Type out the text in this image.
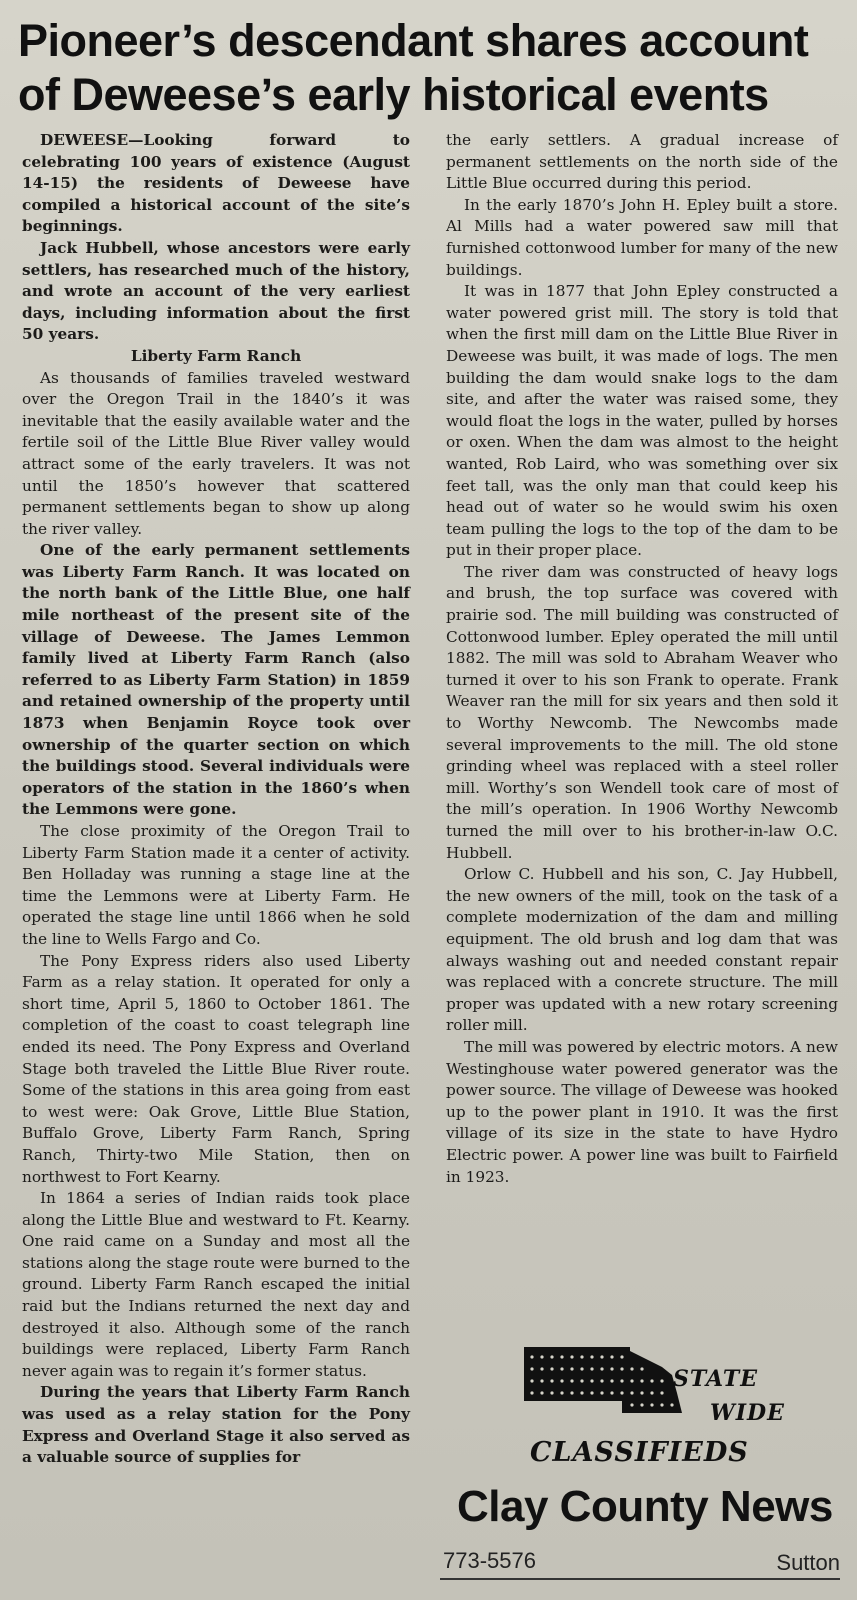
Pioneer’s descendant shares account
of Deweese’s early historical events

DEWEESE—Looking forward to celebrating 100 years of existence (August 14-15) the residents of Deweese have compiled a historical account of the site’s beginnings.

Jack Hubbell, whose ancestors were early settlers, has researched much of the history, and wrote an account of the very earliest days, including information about the first 50 years.

Liberty Farm Ranch

As thousands of families traveled westward over the Oregon Trail in the 1840’s it was inevitable that the easily available water and the fertile soil of the Little Blue River valley would attract some of the early travelers. It was not until the 1850’s however that scattered permanent settlements began to show up along the river valley.

One of the early permanent settlements was Liberty Farm Ranch. It was located on the north bank of the Little Blue, one half mile northeast of the present site of the village of Deweese. The James Lemmon family lived at Liberty Farm Ranch (also referred to as Liberty Farm Station) in 1859 and retained ownership of the property until 1873 when Benjamin Royce took over ownership of the quarter section on which the buildings stood. Several individuals were operators of the station in the 1860’s when the Lemmons were gone.

The close proximity of the Oregon Trail to Liberty Farm Station made it a center of activity. Ben Holladay was running a stage line at the time the Lemmons were at Liberty Farm. He operated the stage line until 1866 when he sold the line to Wells Fargo and Co.

The Pony Express riders also used Liberty Farm as a relay station. It operated for only a short time, April 5, 1860 to October 1861. The completion of the coast to coast telegraph line ended its need. The Pony Express and Overland Stage both traveled the Little Blue River route. Some of the stations in this area going from east to west were: Oak Grove, Little Blue Station, Buffalo Grove, Liberty Farm Ranch, Spring Ranch, Thirty-two Mile Station, then on northwest to Fort Kearny.

In 1864 a series of Indian raids took place along the Little Blue and westward to Ft. Kearny. One raid came on a Sunday and most all the stations along the stage route were burned to the ground. Liberty Farm Ranch escaped the initial raid but the Indians returned the next day and destroyed it also. Although some of the ranch buildings were replaced, Liberty Farm Ranch never again was to regain it’s former status.

During the years that Liberty Farm Ranch was used as a relay station for the Pony Express and Overland Stage it also served as a valuable source of supplies for

the early settlers. A gradual increase of permanent settlements on the north side of the Little Blue occurred during this period.

In the early 1870’s John H. Epley built a store. Al Mills had a water powered saw mill that furnished cottonwood lumber for many of the new buildings.

It was in 1877 that John Epley constructed a water powered grist mill. The story is told that when the first mill dam on the Little Blue River in Deweese was built, it was made of logs. The men building the dam would snake logs to the dam site, and after the water was raised some, they would float the logs in the water, pulled by horses or oxen. When the dam was almost to the height wanted, Rob Laird, who was something over six feet tall, was the only man that could keep his head out of water so he would swim his oxen team pulling the logs to the top of the dam to be put in their proper place.

The river dam was constructed of heavy logs and brush, the top surface was covered with prairie sod. The mill building was constructed of Cottonwood lumber. Epley operated the mill until 1882. The mill was sold to Abraham Weaver who turned it over to his son Frank to operate. Frank Weaver ran the mill for six years and then sold it to Worthy Newcomb. The Newcombs made several improvements to the mill. The old stone grinding wheel was replaced with a steel roller mill. Worthy’s son Wendell took care of most of the mill’s operation. In 1906 Worthy Newcomb turned the mill over to his brother-in-law O.C. Hubbell.

Orlow C. Hubbell and his son, C. Jay Hubbell, the new owners of the mill, took on the task of a complete modernization of the dam and milling equipment. The old brush and log dam that was always washing out and needed constant repair was replaced with a concrete structure. The mill proper was updated with a new rotary screening roller mill.

The mill was powered by electric motors. A new Westinghouse water powered generator was the power source. The village of Deweese was hooked up to the power plant in 1910. It was the first village of its size in the state to have Hydro Electric power. A power line was built to Fairfield in 1923.

STATE
WIDE
CLASSIFIEDS
Clay County News
773-5576	Sutton
